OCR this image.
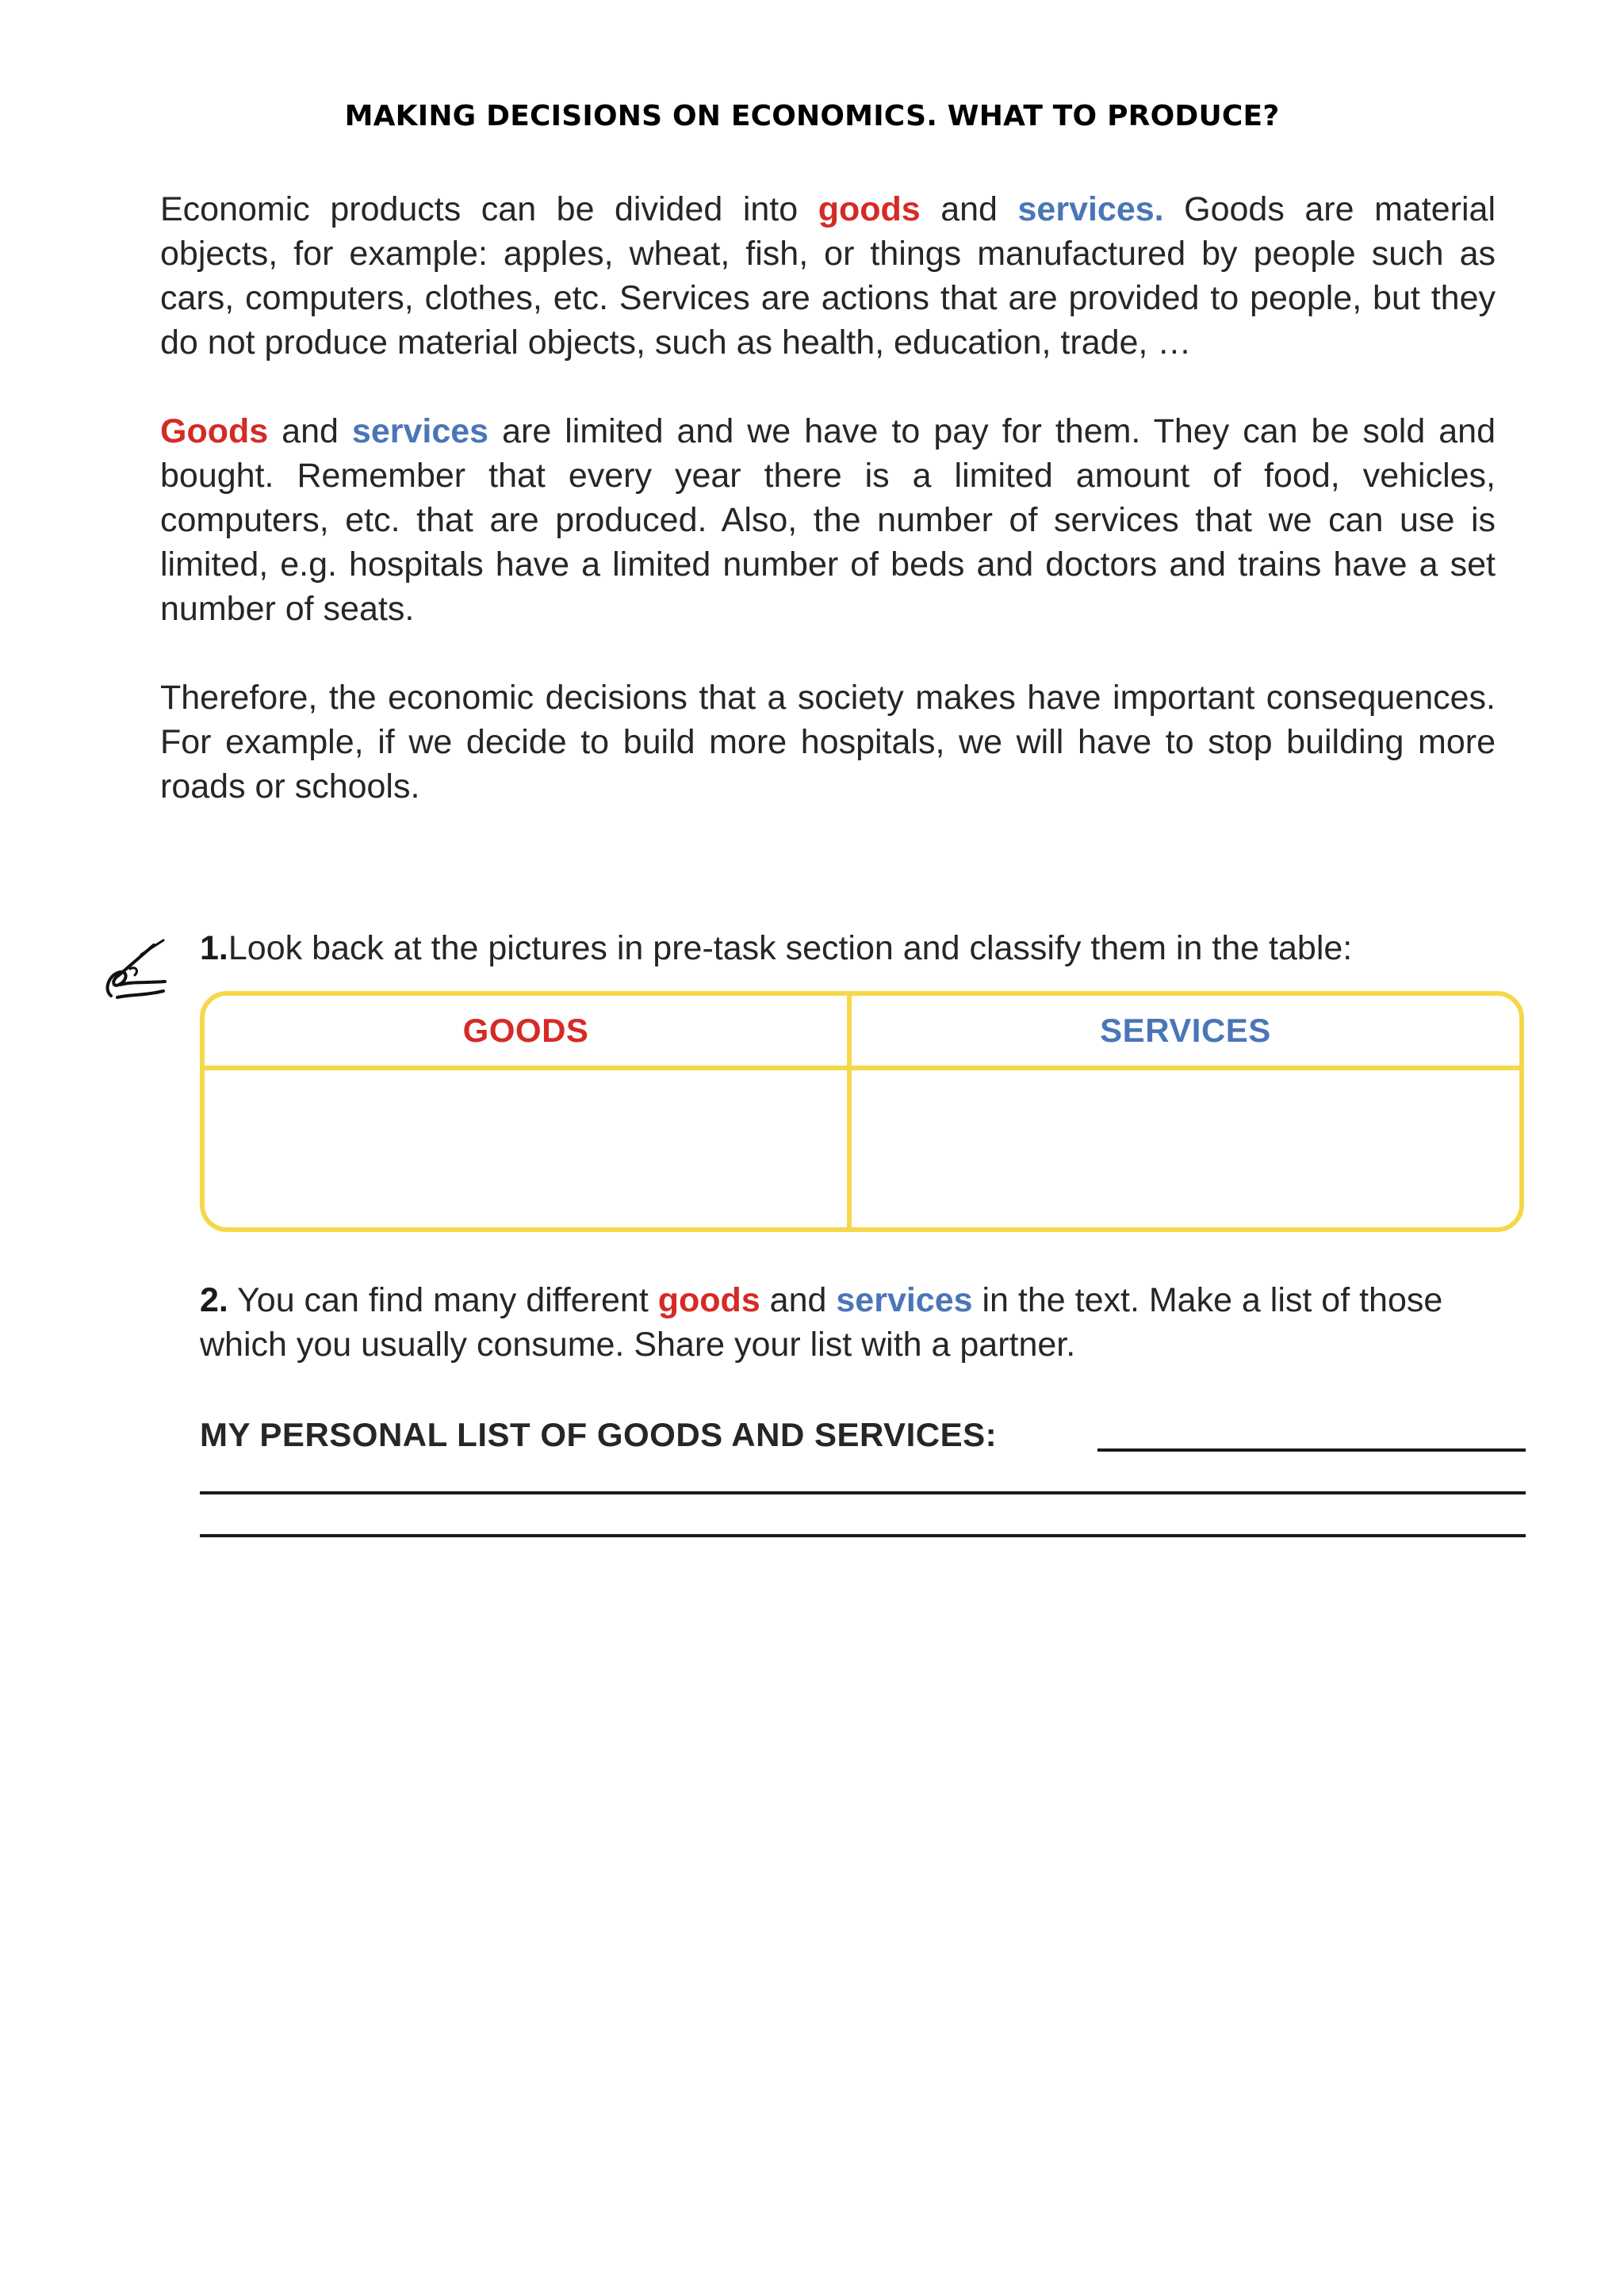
MAKING DECISIONS ON ECONOMICS. WHAT TO PRODUCE?
Economic products can be divided into goods and services. Goods are material objects, for example: apples, wheat, fish, or things manufactured by people such as cars, computers, clothes, etc. Services are actions that are provided to people, but they do not produce material objects, such as health, education, trade, …
Goods and services are limited and we have to pay for them. They can be sold and bought. Remember that every year there is a limited amount of food, vehicles, computers, etc. that are produced. Also, the number of services that we can use is limited, e.g. hospitals have a limited number of beds and doctors and trains have a set number of seats.
Therefore, the economic decisions that a society makes have important consequences. For example, if we decide to build more hospitals, we will have to stop building more roads or schools.
1.Look back at the pictures in pre-task section and classify them in the table:
GOODS	SERVICES
2. You can find many different goods and services in the text. Make a list of those which you usually consume. Share your list with a partner.
MY PERSONAL LIST OF GOODS AND SERVICES:
